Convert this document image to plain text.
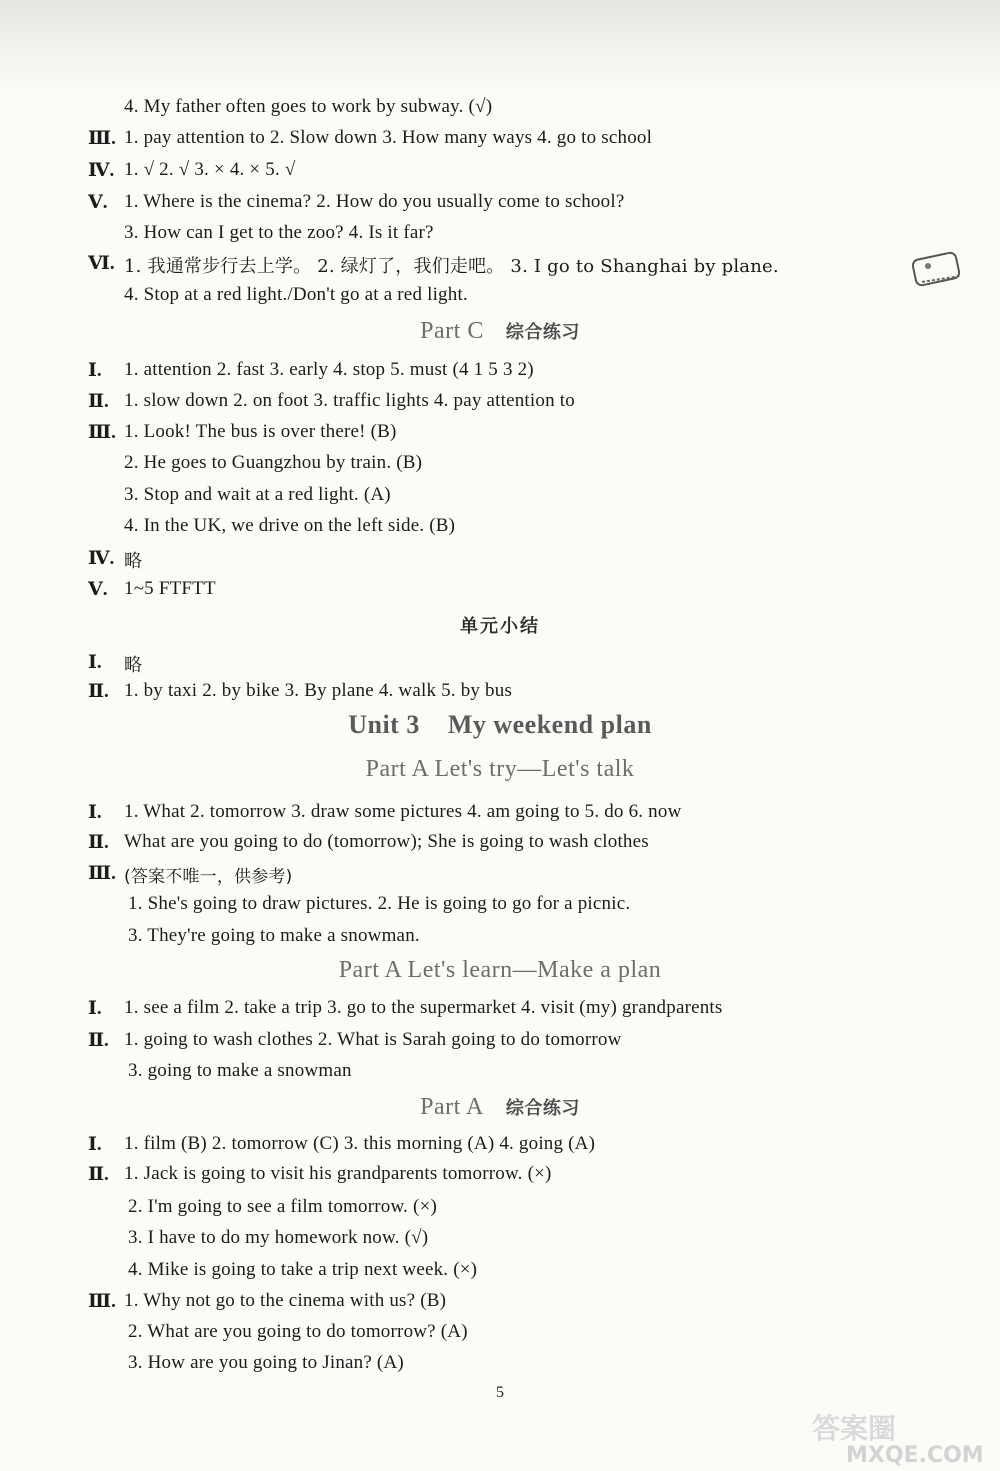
4. My father often goes to work by subway. (√)
Ⅲ. 1. pay attention to 2. Slow down 3. How many ways 4. go to school
Ⅳ. 1. √ 2. √ 3. × 4. × 5. √
Ⅴ. 1. Where is the cinema? 2. How do you usually come to school?
3. How can I get to the zoo? 4. Is it far?
Ⅵ. 1. 我通常步行去上学。 2. 绿灯了，我们走吧。 3. I go to Shanghai by plane.
4. Stop at a red light./Don't go at a red light.
Part C 综合练习
Ⅰ.	1. attention 2. fast 3. early 4. stop 5. must (4 1 5 3 2)
Ⅱ. 1. slow down 2. on foot 3. traffic lights 4. pay attention to
Ⅲ. 1. Look! The bus is over there! (B)
2. He goes to Guangzhou by train. (B)
3. Stop and wait at a red light. (A)
4. In the UK, we drive on the left side. (B)
Ⅳ. 略
Ⅴ. 1~5 FTFTT
单元小结
Ⅰ.	略
Ⅱ. 1. by taxi 2. by bike 3. By plane 4. walk 5. by bus
Unit 3 My weekend plan
Part A Let's try—Let's talk
Ⅰ.	1. What 2. tomorrow 3. draw some pictures 4. am going to 5. do 6. now
Ⅱ. What are you going to do (tomorrow); She is going to wash clothes
Ⅲ. (答案不唯一，供参考)
1. She's going to draw pictures. 2. He is going to go for a picnic.
3. They're going to make a snowman.
Part A Let's learn—Make a plan
Ⅰ.	1. see a film 2. take a trip 3. go to the supermarket 4. visit (my) grandparents
Ⅱ. 1. going to wash clothes 2. What is Sarah going to do tomorrow
3. going to make a snowman
Part A 综合练习
Ⅰ.	1. film (B) 2. tomorrow (C) 3. this morning (A) 4. going (A)
Ⅱ. 1. Jack is going to visit his grandparents tomorrow. (×)
2. I'm going to see a film tomorrow. (×)
3. I have to do my homework now. (√)
4. Mike is going to take a trip next week. (×)
Ⅲ. 1. Why not go to the cinema with us? (B)
2. What are you going to do tomorrow? (A)
3. How are you going to Jinan? (A)
5
答案圈
MXQE.COM
